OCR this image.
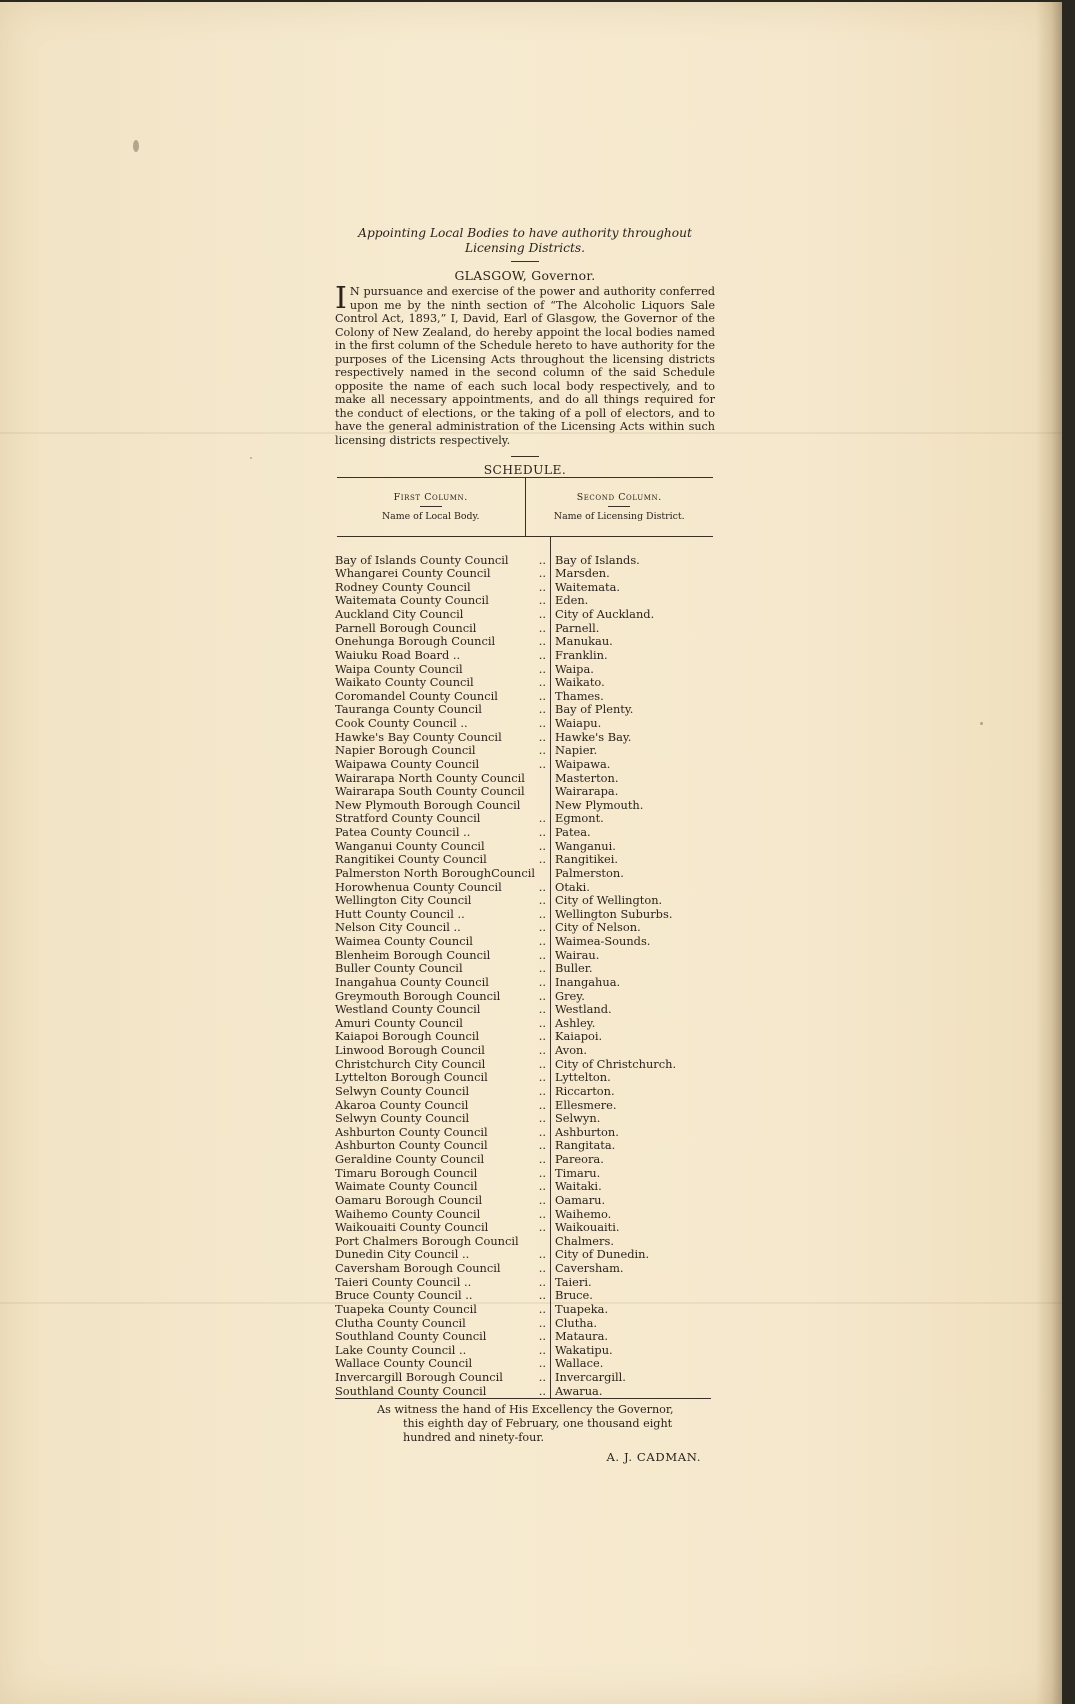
Appointing Local Bodies to have authority throughout
Licensing Districts.
GLASGOW, Governor.
I N pursuance and exercise of the power and authority conferred upon me by the ninth section of “The Alcoholic Liquors Sale Control Act, 1893,” I, David, Earl of Glasgow, the Governor of the Colony of New Zealand, do hereby appoint the local bodies named in the first column of the Schedule hereto to have authority for the purposes of the Licensing Acts throughout the licensing districts respectively named in the second column of the said Schedule opposite the name of each such local body respectively, and to make all necessary appointments, and do all things required for the conduct of elections, or the taking of a poll of electors, and to have the general administration of the Licensing Acts within such licensing districts respectively.
SCHEDULE.
First Column.
Name of Local Body.

Second Column.
Name of Licensing District.
Bay of Islands County Council	.. Bay of Islands.
Whangarei County Council	.. Marsden.
Rodney County Council	.. Waitemata.
Waitemata County Council	.. Eden.
Auckland City Council	.. City of Auckland.
Parnell Borough Council	.. Parnell.
Onehunga Borough Council	.. Manukau.
Waiuku Road Board ..	.. Franklin.
Waipa County Council	.. Waipa.
Waikato County Council	.. Waikato.
Coromandel County Council	.. Thames.
Tauranga County Council	.. Bay of Plenty.
Cook County Council ..	.. Waiapu.
Hawke's Bay County Council	.. Hawke's Bay.
Napier Borough Council	.. Napier.
Waipawa County Council	.. Waipawa.
Wairarapa North County Council	Masterton.
Wairarapa South County Council	Wairarapa.
New Plymouth Borough Council	New Plymouth.
Stratford County Council	.. Egmont.
Patea County Council ..	.. Patea.
Wanganui County Council	.. Wanganui.
Rangitikei County Council	.. Rangitikei.
Palmerston North BoroughCouncil	Palmerston.
Horowhenua County Council	.. Otaki.
Wellington City Council	.. City of Wellington.
Hutt County Council ..	.. Wellington Suburbs.
Nelson City Council ..	.. City of Nelson.
Waimea County Council	.. Waimea-Sounds.
Blenheim Borough Council	.. Wairau.
Buller County Council	.. Buller.
Inangahua County Council	.. Inangahua.
Greymouth Borough Council	.. Grey.
Westland County Council	.. Westland.
Amuri County Council	.. Ashley.
Kaiapoi Borough Council	.. Kaiapoi.
Linwood Borough Council	.. Avon.
Christchurch City Council	.. City of Christchurch.
Lyttelton Borough Council	.. Lyttelton.
Selwyn County Council	.. Riccarton.
Akaroa County Council	.. Ellesmere.
Selwyn County Council	.. Selwyn.
Ashburton County Council	.. Ashburton.
Ashburton County Council	.. Rangitata.
Geraldine County Council	.. Pareora.
Timaru Borough Council	.. Timaru.
Waimate County Council	.. Waitaki.
Oamaru Borough Council	.. Oamaru.
Waihemo County Council	.. Waihemo.
Waikouaiti County Council	.. Waikouaiti.
Port Chalmers Borough Council	Chalmers.
Dunedin City Council ..	.. City of Dunedin.
Caversham Borough Council	.. Caversham.
Taieri County Council ..	.. Taieri.
Bruce County Council ..	.. Bruce.
Tuapeka County Council	.. Tuapeka.
Clutha County Council	.. Clutha.
Southland County Council	.. Mataura.
Lake County Council ..	.. Wakatipu.
Wallace County Council	.. Wallace.
Invercargill Borough Council	.. Invercargill.
Southland County Council	.. Awarua.
As witness the hand of His Excellency the Governor,
this eighth day of February, one thousand eight
hundred and ninety-four.
A. J. CADMAN.
